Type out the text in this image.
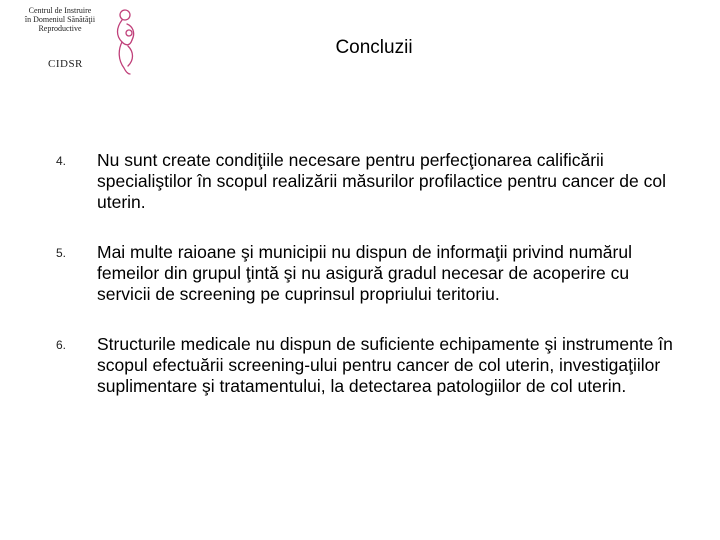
Centrul de Instruire
în Domeniul Sănătăţii
Reproductive
CIDSR
Concluzii
4. Nu sunt create condiţiile necesare pentru perfecţionarea calificării specialiştilor în scopul realizării măsurilor profilactice pentru cancer de col uterin.
5. Mai multe raioane şi municipii nu dispun de informaţii privind numărul femeilor din grupul ţintă şi nu asigură gradul necesar de acoperire cu servicii de screening pe cuprinsul propriului teritoriu.
6. Structurile medicale nu dispun de suficiente echipamente şi instrumente în scopul efectuării screening-ului pentru cancer de col uterin, investigaţiilor suplimentare şi tratamentului, la detectarea patologiilor de col uterin.
